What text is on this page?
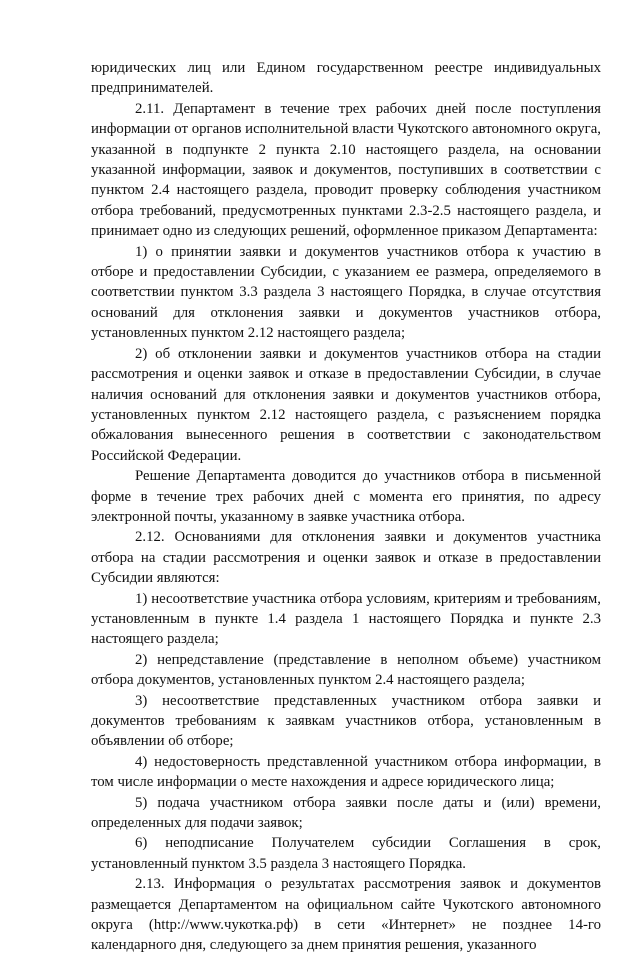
юридических лиц или Едином государственном реестре индивидуальных предпринимателей.

2.11. Департамент в течение трех рабочих дней после поступления информации от органов исполнительной власти Чукотского автономного округа, указанной в подпункте 2 пункта 2.10 настоящего раздела, на основании указанной информации, заявок и документов, поступивших в соответствии с пунктом 2.4 настоящего раздела, проводит проверку соблюдения участником отбора требований, предусмотренных пунктами 2.3-2.5 настоящего раздела, и принимает одно из следующих решений, оформленное приказом Департамента:

1) о принятии заявки и документов участников отбора к участию в отборе и предоставлении Субсидии, с указанием ее размера, определяемого в соответствии пунктом 3.3 раздела 3 настоящего Порядка, в случае отсутствия оснований для отклонения заявки и документов участников отбора, установленных пунктом 2.12 настоящего раздела;

2) об отклонении заявки и документов участников отбора на стадии рассмотрения и оценки заявок и отказе в предоставлении Субсидии, в случае наличия оснований для отклонения заявки и документов участников отбора, установленных пунктом 2.12 настоящего раздела, с разъяснением порядка обжалования вынесенного решения в соответствии с законодательством Российской Федерации.

Решение Департамента доводится до участников отбора в письменной форме в течение трех рабочих дней с момента его принятия, по адресу электронной почты, указанному в заявке участника отбора.

2.12. Основаниями для отклонения заявки и документов участника отбора на стадии рассмотрения и оценки заявок и отказе в предоставлении Субсидии являются:

1) несоответствие участника отбора условиям, критериям и требованиям, установленным в пункте 1.4 раздела 1 настоящего Порядка и пункте 2.3 настоящего раздела;

2) непредставление (представление в неполном объеме) участником отбора документов, установленных пунктом 2.4 настоящего раздела;

3) несоответствие представленных участником отбора заявки и документов требованиям к заявкам участников отбора, установленным в объявлении об отборе;

4) недостоверность представленной участником отбора информации, в том числе информации о месте нахождения и адресе юридического лица;

5) подача участником отбора заявки после даты и (или) времени, определенных для подачи заявок;

6) неподписание Получателем субсидии Соглашения в срок, установленный пунктом 3.5 раздела 3 настоящего Порядка.

2.13. Информация о результатах рассмотрения заявок и документов размещается Департаментом на официальном сайте Чукотского автономного округа (http://www.чукотка.рф) в сети «Интернет» не позднее 14-го календарного дня, следующего за днем принятия решения, указанного
